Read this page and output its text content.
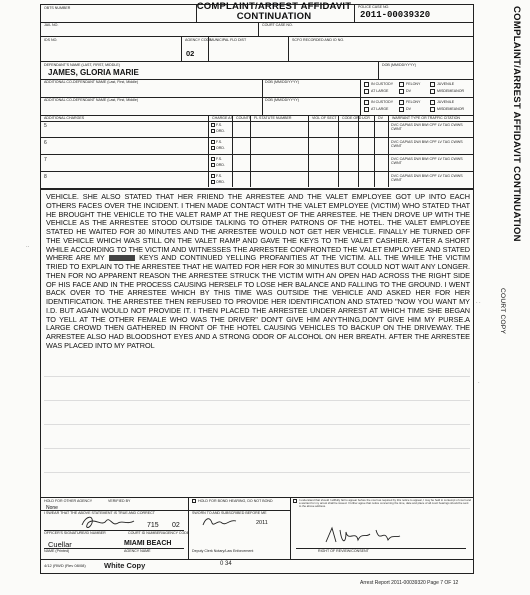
OBTS NUMBER	COMPLAINT/ARREST AFFIDAVIT
CONTINUATION
POLICE CASE NO.
2011-00039320
JAIL NO.	COURT CASE NO.
IDS NO.	AGENCY CODE
MUNICIPAL FLD DIST	SCFO RECORDED AND IO NO.
02
DEFENDANT'S NAME (LAST, FIRST, MIDDLE)
JAMES, GLORIA MARIE
DOB (MM/DD/YYYY)
ADDITIONAL CO-DEFENDANT NAME (Last, First, Middle)	DOB (MM/DD/YYYY)
ADDITIONAL CO-DEFENDANT NAME (Last, First, Middle)	DOB (MM/DD/YYYY)
IN CUSTODY	FELONY	JUVENILE
AT LARGE	DV	MISDEMEANOR
IN CUSTODY	FELONY	JUVENILE
AT LARGE	DV	MISDEMEANOR
ADDITIONAL CHARGES	CHARGE AS COUNTS FL STATUTE NUMBER	VIOL OF SECT CODE ORD UCR DV	WARRANT TYPE OR TRAFFIC CITATION
5	F.S.
ORD.
DVC CAPIAS DWI BWI CPF LV TAG CWWS CWNT
6	F.S.
ORD.
DVC CAPIAS DWI BWI CPF LV TAG CWWS CWNT
7	F.S.
ORD.
DVC CAPIAS DWI BWI CPF LV TAG CWWS CWNT
8	F.S.
ORD.
DVC CAPIAS DWI BWI CPF LV TAG CWWS CWNT
VEHICLE. SHE ALSO STATED THAT HER FRIEND THE ARRESTEE AND THE VALET EMPLOYEE GOT UP INTO EACH OTHERS FACES OVER THE INCIDENT. I THEN MADE CONTACT WITH THE VALET EMPLOYEE (VICTIM) WHO STATED THAT HE BROUGHT THE VEHICLE TO THE VALET RAMP AT THE REQUEST OF THE ARRESTEE. HE THEN DROVE UP WITH THE VEHICLE AS THE ARRESTEE STOOD OUTSIDE TALKING TO OTHER PATRONS OF THE HOTEL. THE VALET EMPLOYEE STATED HE WAITED FOR 30 MINUTES AND THE ARRESTEE WOULD NOT GET HER VEHICLE. FINALLY HE TURNED OFF THE VEHICLE WHICH WAS STILL ON THE VALET RAMP AND GAVE THE KEYS TO THE VALET CASHIER. AFTER A SHORT WHILE ACCORDING TO THE VICTIM AND WITNESSES THE ARRESTEE CONFRONTED THE VALET EMPLOYEE AND STATED WHERE ARE MY	KEYS AND CONTINUED YELLING PROFANITIES AT THE VICTIM. ALL THE WHILE THE VICTIM TRIED TO EXPLAIN TO THE ARRESTEE THAT HE WAITED FOR HER FOR 30 MINUTES BUT COULD NOT WAIT ANY LONGER. THEN FOR NO APPARENT REASON THE ARRESTEE STRUCK THE VICTIM WITH AN OPEN HAD ACROSS THE RIGHT SIDE OF HIS FACE AND IN THE PROCESS CAUSING HERSELF TO LOSE HER BALANCE AND FALLING TO THE GROUND. I WENT BACK OVER TO THE ARRESTEE WHICH BY THIS TIME WAS OUTSIDE THE VEHICLE AND ASKED HER FOR HER IDENTIFICATION. THE ARRESTEE THEN REFUSED TO PROVIDE HER IDENTIFICATION AND STATED "NOW YOU WANT MY I.D. BUT AGAIN WOULD NOT PROVIDE IT. I THEN PLACED THE ARRESTEE UNDER ARREST AT WHICH TIME SHE BEGAN TO YELL AT THE OTHER FEMALE WHO WAS THE DRIVER" DON'T GIVE HIM ANYTHING,DON'T GIVE HIM MY PURSE.A LARGE CROWD THEN GATHERED IN FRONT OF THE HOTEL CAUSING VEHICLES TO BACKUP ON THE DRIVEWAY. THE ARRESTEE ALSO HAD BLOODSHOT EYES AND A STRONG ODOR OF ALCOHOL ON HER BREATH. AFTER THE ARRESTEE WAS PLACED INTO MY PATROL
HOLD FOR OTHER AGENCY	VERIFIED BY	HOLD FOR BOND HEARING, DO NOT BOND
None
I understand that should I willfully fail to appear before the court as required by this notice to appear, I may be held in contempt of court and a warrant for my arrest shall be issued. I further agree that notice concerning the time, date and place of all court hearings should be sent to the above address.
I SWEAR THAT THE ABOVE STATEMENT IS TRUE AND CORRECT	SWORN TO AND SUBSCRIBED BEFORE ME
715 02
OFFICER'S SIGNATURE/ID NUMBER	COURT ID NUMBER/AGENCY CODE
2011
Cuellar	MIAMI BEACH
NAME (Printed)	AGENCY NAME	Deputy Clerk Notary/Law Enforcement	RIGHT OF REVIEW/CONSENT
4/12 (RWD (Rev 08/08) White Copy	0 34
Arrest Report 2011-00039320 Page 7 OF 12
COMPLAINT/ARREST AFFIDAVIT CONTINUATION
COURT COPY
··
· ·
·
